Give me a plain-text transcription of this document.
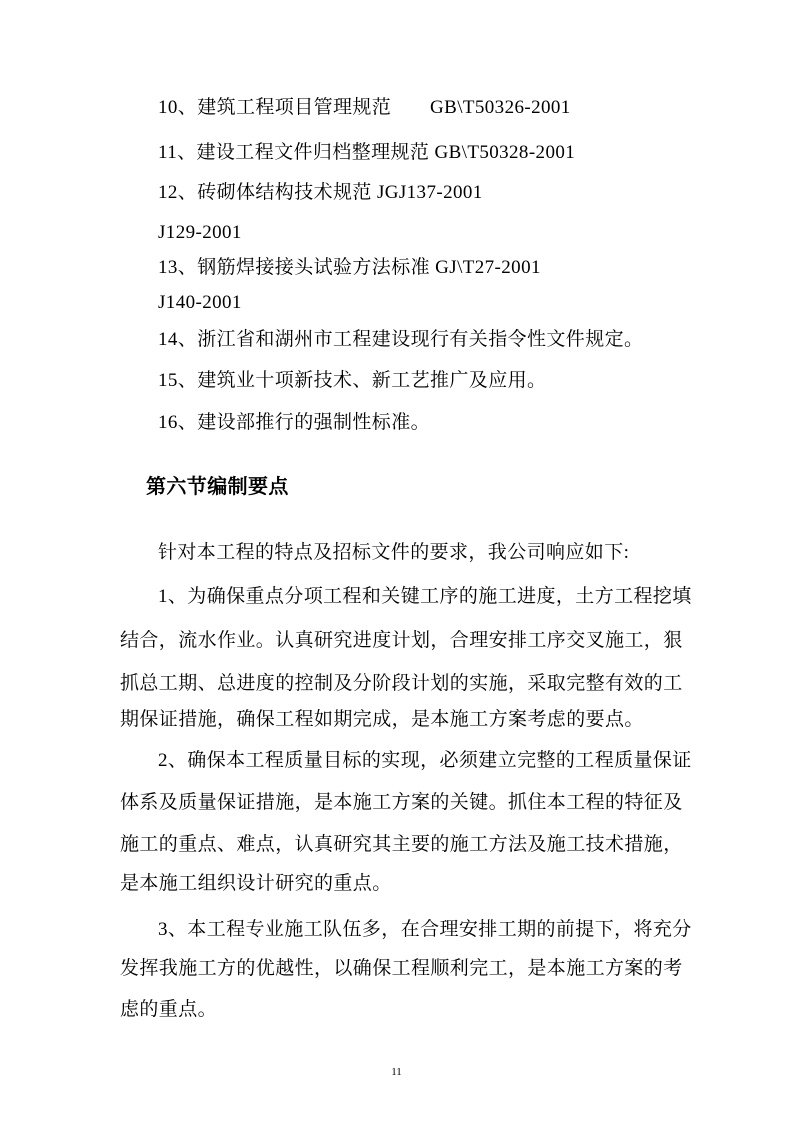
10、建筑工程项目管理规范　　GB\T50326-2001
11、建设工程文件归档整理规范 GB\T50328-2001
12、砖砌体结构技术规范 JGJ137-2001
J129-2001
13、钢筋焊接接头试验方法标准 GJ\T27-2001
J140-2001
14、浙江省和湖州市工程建设现行有关指令性文件规定。
15、建筑业十项新技术、新工艺推广及应用。
16、建设部推行的强制性标准。
第六节编制要点
针对本工程的特点及招标文件的要求，我公司响应如下:
1、为确保重点分项工程和关键工序的施工进度，土方工程挖填
结合，流水作业。认真研究进度计划，合理安排工序交叉施工，狠
抓总工期、总进度的控制及分阶段计划的实施，采取完整有效的工
期保证措施，确保工程如期完成，是本施工方案考虑的要点。
2、确保本工程质量目标的实现，必须建立完整的工程质量保证
体系及质量保证措施，是本施工方案的关键。抓住本工程的特征及
施工的重点、难点，认真研究其主要的施工方法及施工技术措施，
是本施工组织设计研究的重点。
3、本工程专业施工队伍多，在合理安排工期的前提下，将充分
发挥我施工方的优越性，以确保工程顺利完工，是本施工方案的考
虑的重点。
11
